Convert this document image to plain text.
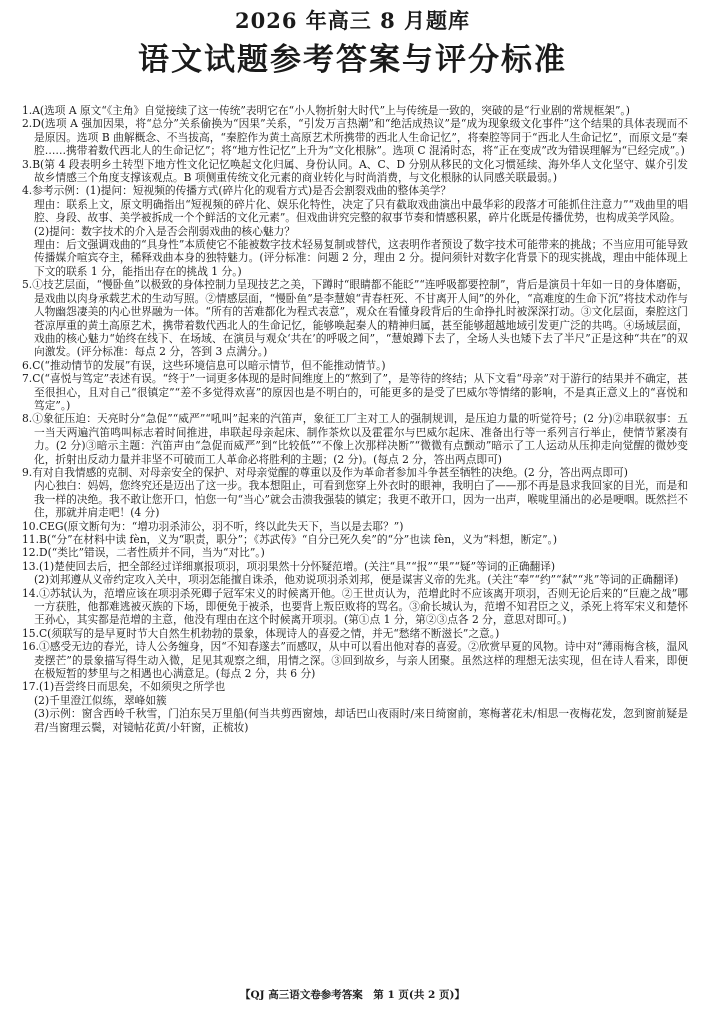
2026 年高三 8 月题库
语文试题参考答案与评分标准

1.A(选项 A 原文“《主角》自觉接续了这一传统”表明它在“小人物折射大时代”上与传统是一致的，突破的是“行业剧的常规框架”。)

2.D(选项 A 强加因果，将“总分”关系偷换为“因果”关系，“引发万言热潮”和“绝活成热议”是“成为现象级文化事件”这个结果的具体表现而不是原因。选项 B 曲解概念、不当拔高，“秦腔作为黄土高原艺术所携带的西北人生命记忆”，将秦腔等同于“西北人生命记忆”，而原文是“秦腔……携带着数代西北人的生命记忆”；将“地方性记忆”上升为“文化根脉”。选项 C 混淆时态，将“正在变成”改为错误理解为“已经完成”。)

3.B(第 4 段表明乡土转型下地方性文化记忆唤起文化归属、身份认同。A、C、D 分别从移民的文化习惯延续、海外华人文化坚守、媒介引发故乡情感三个角度支撑该观点。B 项侧重传统文化元素的商业转化与时尚消费，与文化根脉的认同感关联最弱。)

4.参考示例：(1)提问：短视频的传播方式(碎片化的观看方式)是否会割裂戏曲的整体美学？

理由：联系上文，原文明确指出“短视频的碎片化、娱乐化特性，决定了只有截取戏曲演出中最华彩的段落才可能抓住注意力”“戏曲里的唱腔、身段、故事、美学被拆成一个个鲜活的文化元素”。但戏曲讲究完整的叙事节奏和情感积累，碎片化既是传播优势，也构成美学风险。

(2)提问：数字技术的介入是否会削弱戏曲的核心魅力？

理由：后文强调戏曲的“具身性”本质使它不能被数字技术轻易复制或替代，这表明作者预设了数字技术可能带来的挑战；不当应用可能导致传播媒介喧宾夺主，稀释戏曲本身的独特魅力。(评分标准：问题 2 分，理由 2 分。提问须针对数字化背景下的现实挑战，理由中能体现上下文的联系 1 分，能指出存在的挑战 1 分。)

5.①技艺层面，“慢卧鱼”以极致的身体控制力呈现技艺之美，下蹲时“眼睛都不能眨”“连呼吸都要控制”，背后是演员十年如一日的身体磨砺，是戏曲以肉身承载艺术的生动写照。②情感层面，“慢卧鱼”是李慧娘“青春枉死、不甘离开人间”的外化，“高难度的生命下沉”将技术动作与人物幽怨凄美的内心世界融为一体。“所有的苦难都化为程式表意”，观众在看懂身段背后的生命挣扎时被深深打动。③文化层面，秦腔这门苍凉厚重的黄土高原艺术，携带着数代西北人的生命记忆，能够唤起秦人的精神归属，甚至能够超越地域引发更广泛的共鸣。④场域层面，戏曲的核心魅力“始终在线下、在场域、在演员与观众‘共在’的呼吸之间”，“慧娘蹲下去了，全场人头也矮下去了半尺”正是这种“共在”的双向激发。(评分标准：每点 2 分，答到 3 点满分。)

6.C(“推动情节的发展”有误，这些环境信息可以暗示情节，但不能推动情节。)

7.C(“喜悦与笃定”表述有误。“终于”一词更多体现的是时间维度上的“熬到了”，是等待的终结；从下文看“母亲”对于游行的结果并不确定，甚至很担心，且对自己“很镇定”“差不多觉得欢喜”的原因也是不明白的，可能更多的是受了巴威尔等情绪的影响，不是真正意义上的“喜悦和笃定”。)

8.①象征压迫：天亮时分“急促”“威严”“吼叫”起来的汽笛声，象征工厂主对工人的强制规训，是压迫力量的听觉符号；(2 分)②串联叙事：五一当天两遍汽笛鸣叫标志着时间推进，串联起母亲起床、制作茶炊以及霍霍尔与巴威尔起床、准备出行等一系列言行举止，使情节紧凑有力。(2 分)③暗示主题：汽笛声由“急促而威严”到“比较低”“不像上次那样决断”“微微有点颤动”暗示了工人运动从压抑走向觉醒的微妙变化，折射出反动力量并非坚不可破而工人革命必将胜利的主题；(2 分)。(每点 2 分，答出两点即可)

9.有对自我情感的克制、对母亲安全的保护、对母亲觉醒的尊重以及作为革命者参加斗争甚至牺牲的决绝。(2 分，答出两点即可)

内心独白：妈妈，您终究还是迈出了这一步。我本想阻止，可看到您穿上外衣时的眼神，我明白了——那不再是恳求我回家的目光，而是和我一样的决绝。我不敢让您开口，怕您一句“当心”就会击溃我强装的镇定；我更不敢开口，因为一出声，喉咙里涌出的必是哽咽。既然拦不住，那就并肩走吧！(4 分)

10.CEG(原文断句为：“增功羽杀沛公，羽不听，终以此失天下，当以是去耶？”)

11.B(“分”在材料中读 fèn，义为“职责，职分”；《苏武传》“自分已死久矣”的“分”也读 fèn，义为“料想，断定”。)

12.D(“类比”错误，二者性质并不同，当为“对比”。)

13.(1)楚使回去后，把全部经过详细禀报项羽，项羽果然十分怀疑范增。(关注“具”“报”“果”“疑”等词的正确翻译)

(2)刘邦遵从义帝约定攻入关中，项羽怎能擅自诛杀，他劝说项羽杀刘邦，便是谋害义帝的先兆。(关注“奉”“约”“弑”“兆”等词的正确翻译)

14.①苏轼认为，范增应该在项羽杀死卿子冠军宋义的时候离开他。②王世贞认为，范增此时不应该离开项羽，否则无论后来的“巨鹿之战”哪一方获胜，他都难逃被灭族的下场，即便免于被杀，也要背上叛臣败将的骂名。③俞长城认为，范增不知君臣之义，杀死上将军宋义和楚怀王孙心，其实都是范增的主意，他没有理由在这个时候离开项羽。(第①点 1 分，第②③点各 2 分，意思对即可。)

15.C(须联写的是早夏时节大自然生机勃勃的景象，体现诗人的喜爱之情，并无“愁绪不断滋长”之意。)

16.①感受无边的春光，诗人公务缠身，因“不知春遂去”而感叹，从中可以看出他对春的喜爱。②欣赏早夏的风物。诗中对“薄雨梅含核，温风麦摆芒”的景象描写得生动入微，足见其观察之细，用情之深。③回到故乡，与亲人团聚。虽然这样的理想无法实现，但在诗人看来，即便在极短暂的梦里与之相遇也心满意足。(每点 2 分，共 6 分)

17.(1)吾尝终日而思矣，不如须臾之所学也

(2)千里澄江似练，翠峰如簇

(3)示例：窗含西岭千秋雪，门泊东吴万里船(何当共剪西窗烛，却话巴山夜雨时/来日绮窗前，寒梅著花未/相思一夜梅花发，忽到窗前疑是君/当窗理云鬓，对镜帖花黄/小轩窗，正梳妆)

【QJ 高三语文卷参考答案　第 1 页(共 2 页)】
